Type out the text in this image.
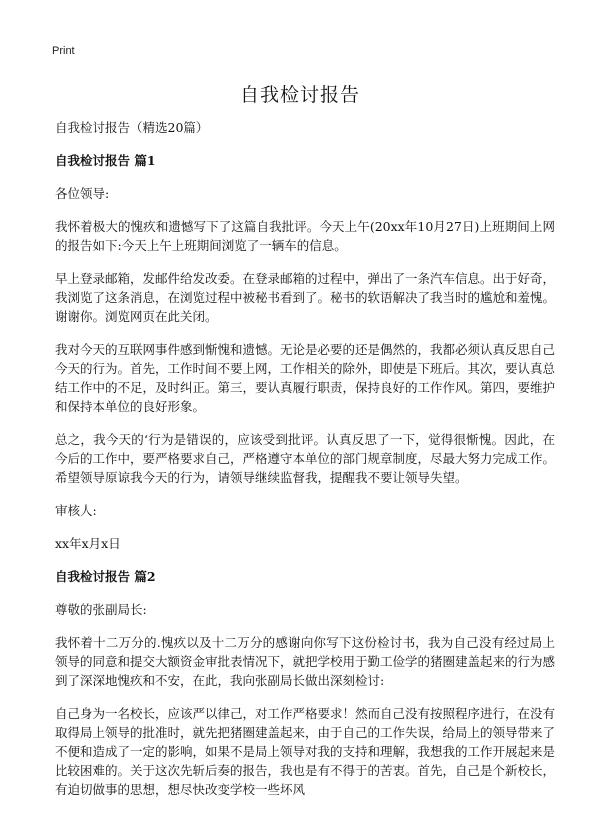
Print
自我检讨报告

自我检讨报告（精选20篇）

自我检讨报告 篇1

各位领导:

我怀着极大的愧疚和遗憾写下了这篇自我批评。今天上午(20xx年10月27日)上班期间上网的报告如下:今天上午上班期间浏览了一辆车的信息。

早上登录邮箱，发邮件给发改委。在登录邮箱的过程中，弹出了一条汽车信息。出于好奇，我浏览了这条消息，在浏览过程中被秘书看到了。秘书的软语解决了我当时的尴尬和羞愧。谢谢你。浏览网页在此关闭。

我对今天的互联网事件感到惭愧和遗憾。无论是必要的还是偶然的，我都必须认真反思自己今天的行为。首先，工作时间不要上网，工作相关的除外，即使是下班后。其次，要认真总结工作中的不足，及时纠正。第三，要认真履行职责，保持良好的工作作风。第四，要维护和保持本单位的良好形象。

总之，我今天的‘行为是错误的，应该受到批评。认真反思了一下，觉得很惭愧。因此，在今后的工作中，要严格要求自己，严格遵守本单位的部门规章制度，尽最大努力完成工作。希望领导原谅我今天的行为，请领导继续监督我，提醒我不要让领导失望。

审核人:

xx年x月x日

自我检讨报告 篇2

尊敬的张副局长:

我怀着十二万分的.愧疚以及十二万分的感谢向你写下这份检讨书，我为自己没有经过局上领导的同意和提交大额资金审批表情况下，就把学校用于勤工俭学的猪圈建盖起来的行为感到了深深地愧疚和不安，在此，我向张副局长做出深刻检讨:

自己身为一名校长，应该严以律己，对工作严格要求！然而自己没有按照程序进行，在没有取得局上领导的批准时，就先把猪圈建盖起来，由于自己的工作失误，给局上的领导带来了不便和造成了一定的影响，如果不是局上领导对我的支持和理解，我想我的工作开展起来是比较困难的。关于这次先斩后奏的报告，我也是有不得于的苦衷。首先，自己是个新校长，有迫切做事的思想，想尽快改变学校一些坏风
